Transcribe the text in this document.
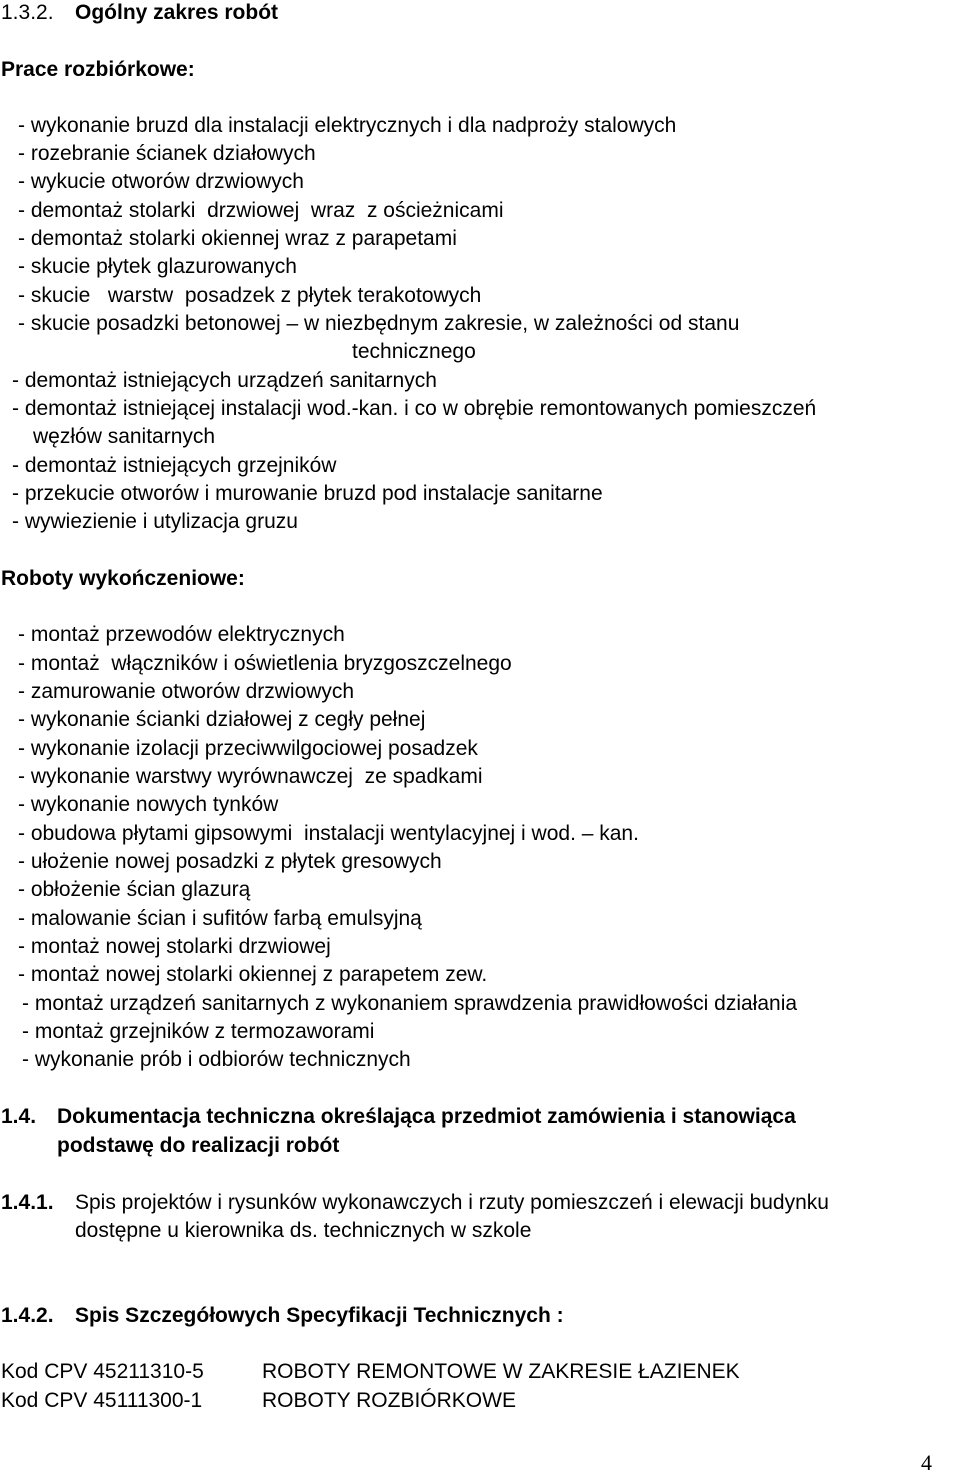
1.3.2. Ogólny zakres robót
Prace rozbiórkowe:
- wykonanie bruzd dla instalacji elektrycznych i dla nadproży stalowych
- rozebranie ścianek działowych
- wykucie otworów drzwiowych
- demontaż stolarki  drzwiowej  wraz  z ościeżnicami
- demontaż stolarki okiennej wraz z parapetami
- skucie płytek glazurowanych
- skucie   warstw  posadzek z płytek terakotowych
- skucie posadzki betonowej – w niezbędnym zakresie, w zależności od stanu
technicznego
- demontaż istniejących urządzeń sanitarnych
- demontaż istniejącej instalacji wod.-kan. i co w obrębie remontowanych pomieszczeń
węzłów sanitarnych
- demontaż istniejących grzejników
- przekucie otworów i murowanie bruzd pod instalacje sanitarne
- wywiezienie i utylizacja gruzu
Roboty wykończeniowe:
- montaż przewodów elektrycznych
- montaż  włączników i oświetlenia bryzgoszczelnego
- zamurowanie otworów drzwiowych
- wykonanie ścianki działowej z cegły pełnej
- wykonanie izolacji przeciwwilgociowej posadzek
- wykonanie warstwy wyrównawczej  ze spadkami
- wykonanie nowych tynków
- obudowa płytami gipsowymi  instalacji wentylacyjnej i wod. – kan.
- ułożenie nowej posadzki z płytek gresowych
- obłożenie ścian glazurą
- malowanie ścian i sufitów farbą emulsyjną
- montaż nowej stolarki drzwiowej
- montaż nowej stolarki okiennej z parapetem zew.
- montaż urządzeń sanitarnych z wykonaniem sprawdzenia prawidłowości działania
- montaż grzejników z termozaworami
- wykonanie prób i odbiorów technicznych
1.4. Dokumentacja techniczna określająca przedmiot zamówienia i stanowiąca
podstawę do realizacji robót
1.4.1. Spis projektów i rysunków wykonawczych i rzuty pomieszczeń i elewacji budynku
dostępne u kierownika ds. technicznych w szkole
1.4.2. Spis Szczegółowych Specyfikacji Technicznych :
Kod CPV 45211310-5	ROBOTY REMONTOWE W ZAKRESIE ŁAZIENEK
Kod CPV 45111300-1	ROBOTY ROZBIÓRKOWE
4
